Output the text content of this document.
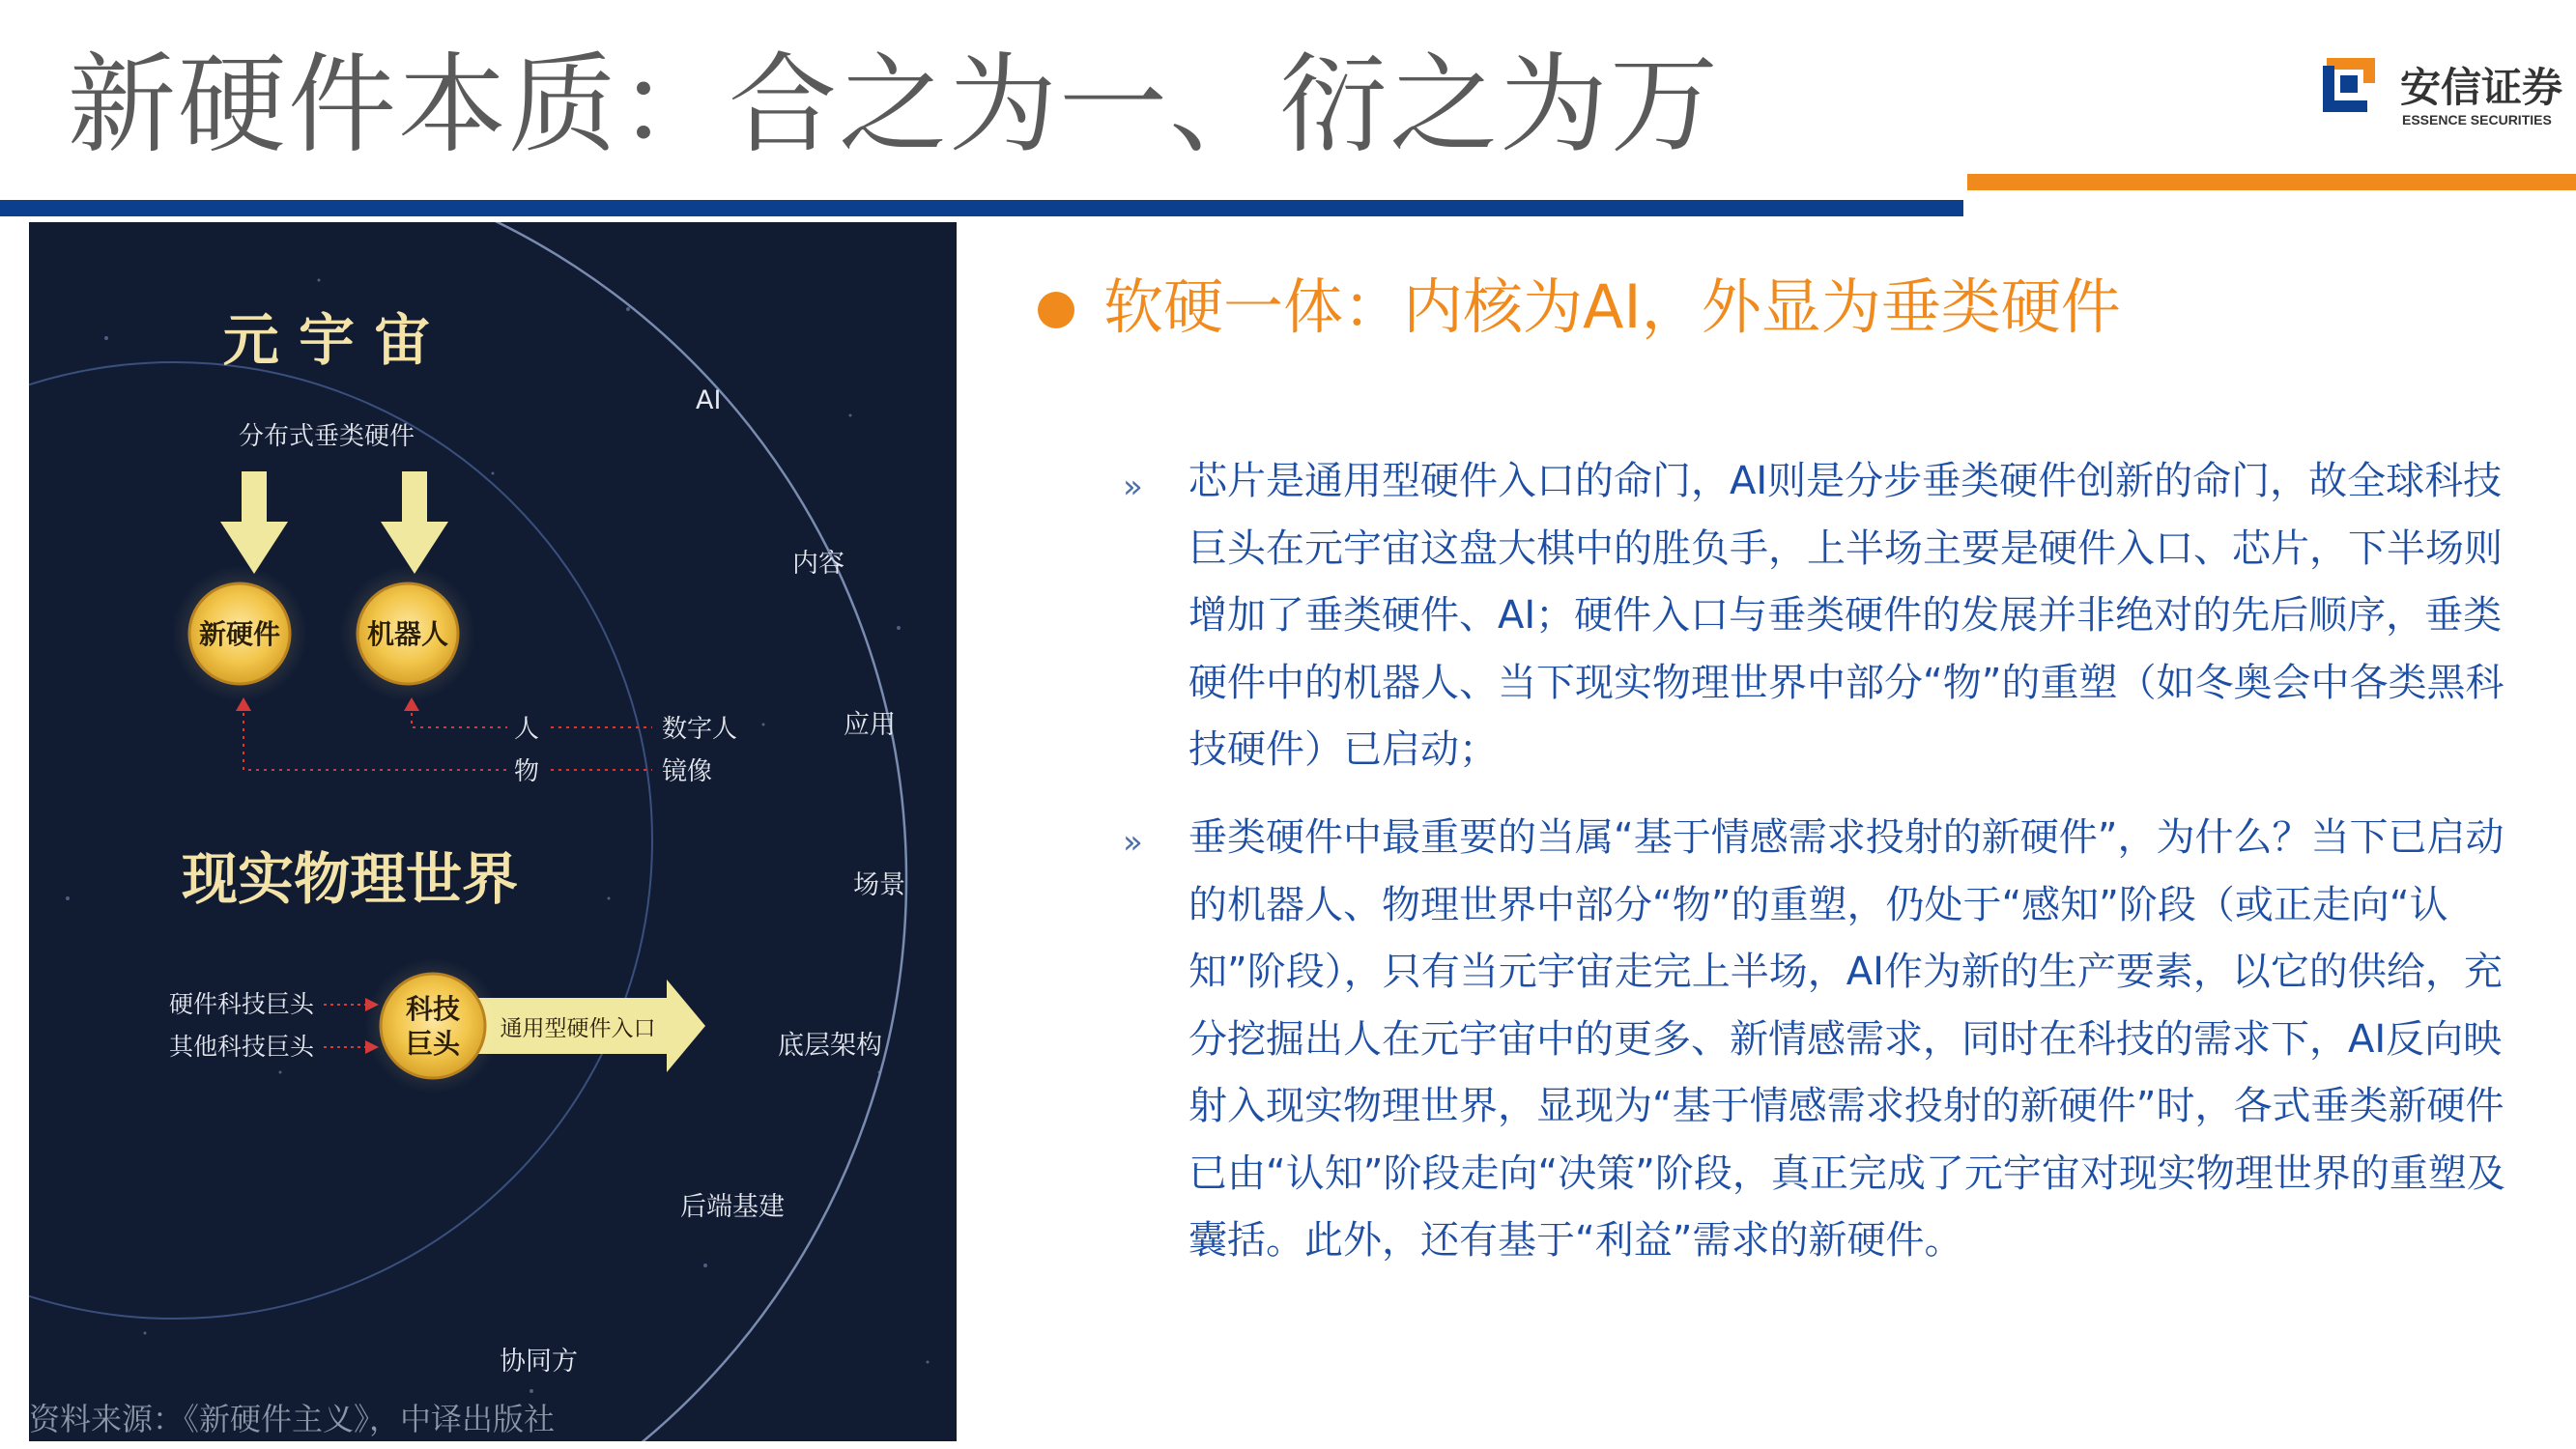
新硬件本质：合之为一、衍之为万	安信证券
ESSENCE SECURITIES
元 宇 宙
分布式垂类硬件
新硬件	机器人
人
物
数字人
镜像
现实物理世界
硬件科技巨头
其他科技巨头
通用型硬件入口
科技
巨头
AI
内容
应用
场景
底层架构
后端基建
协同方
资料来源：《新硬件主义》，中译出版社
软硬一体：内核为AI，外显为垂类硬件
» 芯片是通用型硬件入口的命门，AI则是分步垂类硬件创新的命门，故全球科技巨头在元宇宙这盘大棋中的胜负手，上半场主要是硬件入口、芯片，下半场则增加了垂类硬件、AI；硬件入口与垂类硬件的发展并非绝对的先后顺序，垂类硬件中的机器人、当下现实物理世界中部分“物”的重塑（如冬奥会中各类黑科技硬件）已启动；
» 垂类硬件中最重要的当属“基于情感需求投射的新硬件”，为什么？当下已启动的机器人、物理世界中部分“物”的重塑，仍处于“感知”阶段（或正走向“认知”阶段），只有当元宇宙走完上半场，AI作为新的生产要素，以它的供给，充分挖掘出人在元宇宙中的更多、新情感需求，同时在科技的需求下，AI反向映射入现实物理世界，显现为“基于情感需求投射的新硬件”时，各式垂类新硬件已由“认知”阶段走向“决策”阶段，真正完成了元宇宙对现实物理世界的重塑及囊括。此外，还有基于“利益”需求的新硬件。
